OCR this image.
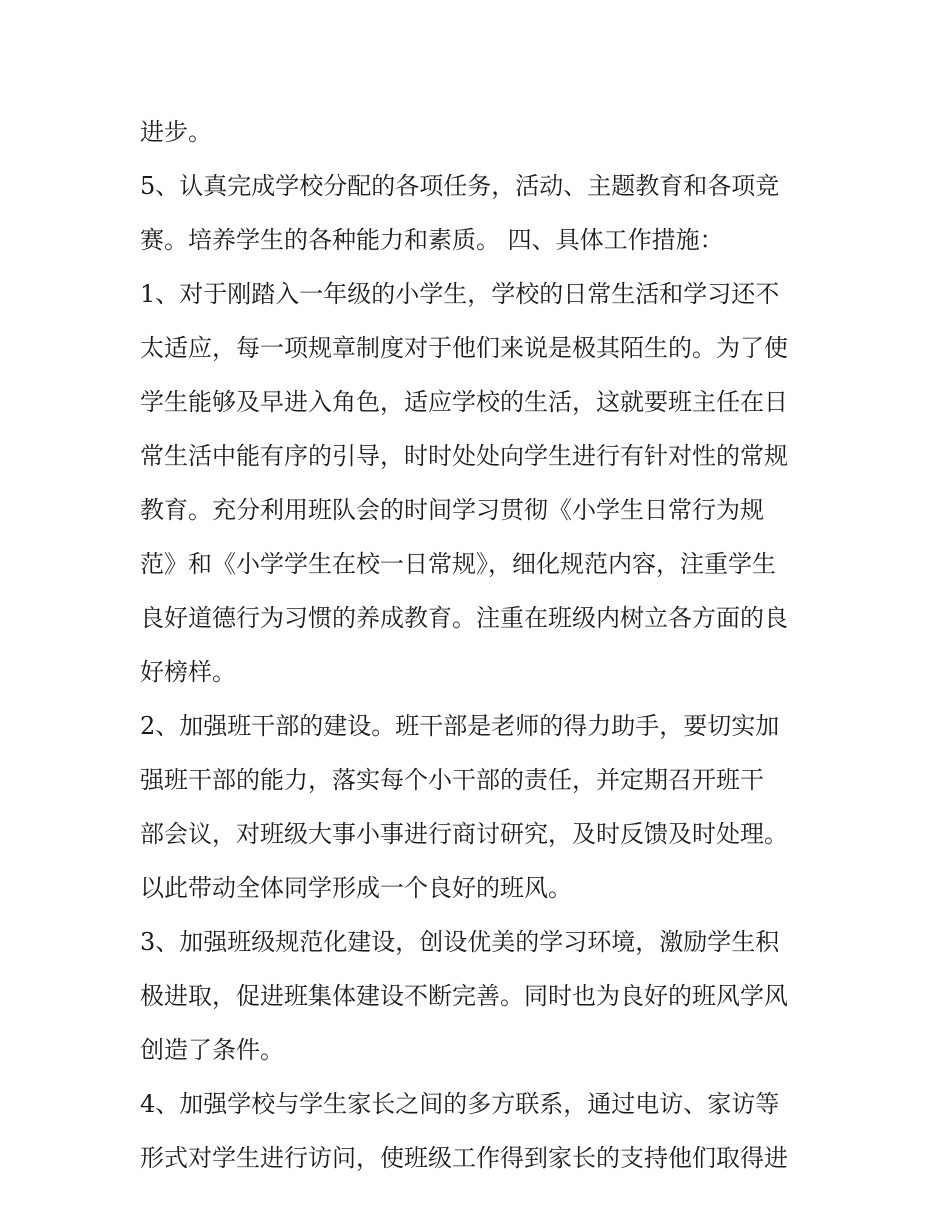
进步。
5、认真完成学校分配的各项任务，活动、主题教育和各项竞
赛。培养学生的各种能力和素质。 四、具体工作措施：
1、对于刚踏入一年级的小学生，学校的日常生活和学习还不
太适应，每一项规章制度对于他们来说是极其陌生的。为了使
学生能够及早进入角色，适应学校的生活，这就要班主任在日
常生活中能有序的引导，时时处处向学生进行有针对性的常规
教育。充分利用班队会的时间学习贯彻《小学生日常行为规
范》和《小学学生在校一日常规》，细化规范内容，注重学生
良好道德行为习惯的养成教育。注重在班级内树立各方面的良
好榜样。
2、加强班干部的建设。班干部是老师的得力助手，要切实加
强班干部的能力，落实每个小干部的责任，并定期召开班干
部会议，对班级大事小事进行商讨研究，及时反馈及时处理。
以此带动全体同学形成一个良好的班风。
3、加强班级规范化建设，创设优美的学习环境，激励学生积
极进取，促进班集体建设不断完善。同时也为良好的班风学风
创造了条件。
4、加强学校与学生家长之间的多方联系，通过电访、家访等
形式对学生进行访问，使班级工作得到家长的支持他们取得进
